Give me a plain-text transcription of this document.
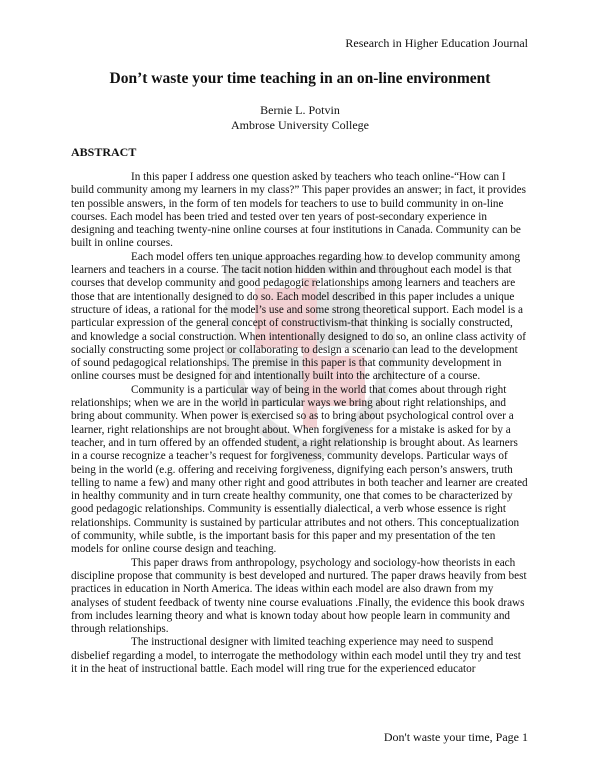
Research in Higher Education Journal
Don’t waste your time teaching in an on-line environment
Bernie L. Potvin
Ambrose University College
ABSTRACT

In this paper I address one question asked by teachers who teach online-“How can I build community among my learners in my class?” This paper provides an answer; in fact, it provides ten possible answers, in the form of ten models for teachers to use to build community in on-line courses. Each model has been tried and tested over ten years of post-secondary experience in designing and teaching twenty-nine online courses at four institutions in Canada. Community can be built in online courses.

Each model offers ten unique approaches regarding how to develop community among learners and teachers in a course. The tacit notion hidden within and throughout each model is that courses that develop community and good pedagogic relationships among learners and teachers are those that are intentionally designed to do so. Each model described in this paper includes a unique structure of ideas, a rational for the model’s use and some strong theoretical support. Each model is a particular expression of the general concept of constructivism-that thinking is socially constructed, and knowledge a social construction. When intentionally designed to do so, an online class activity of socially constructing some project or collaborating to design a scenario can lead to the development of sound pedagogical relationships. The premise in this paper is that community development in online courses must be designed for and intentionally built into the architecture of a course.

Community is a particular way of being in the world that comes about through right relationships; when we are in the world in particular ways we bring about right relationships, and bring about community. When power is exercised so as to bring about psychological control over a learner, right relationships are not brought about. When forgiveness for a mistake is asked for by a teacher, and in turn offered by an offended student, a right relationship is brought about. As learners in a course recognize a teacher’s request for forgiveness, community develops. Particular ways of being in the world (e.g. offering and receiving forgiveness, dignifying each person’s answers, truth telling to name a few) and many other right and good attributes in both teacher and learner are created in healthy community and in turn create healthy community, one that comes to be characterized by good pedagogic relationships. Community is essentially dialectical, a verb whose essence is right relationships. Community is sustained by particular attributes and not others. This conceptualization of community, while subtle, is the important basis for this paper and my presentation of the ten models for online course design and teaching.

This paper draws from anthropology, psychology and sociology-how theorists in each discipline propose that community is best developed and nurtured. The paper draws heavily from best practices in education in North America. The ideas within each model are also drawn from my analyses of student feedback of twenty nine course evaluations .Finally, the evidence this book draws from includes learning theory and what is known today about how people learn in community and through relationships.

The instructional designer with limited teaching experience may need to suspend disbelief regarding a model, to interrogate the methodology within each model until they try and test it in the heat of instructional battle. Each model will ring true for the experienced educator

Don't waste your time, Page 1
